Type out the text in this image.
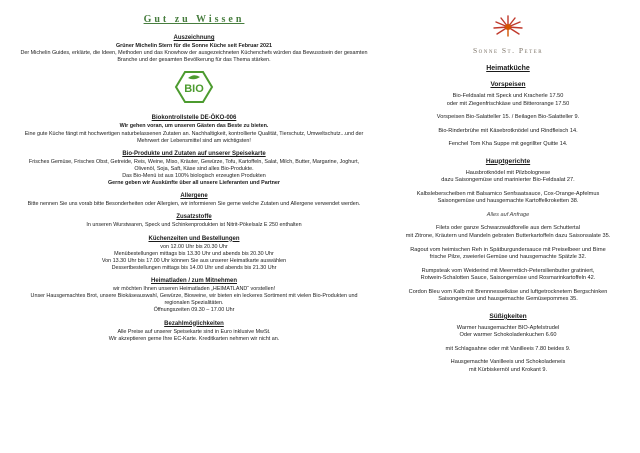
Gut zu Wissen
Auszeichnung
Grüner Michelin Stern für die Sonne Küche seit Februar 2021
Der Michelin Guides, erklärte, die Ideen, Methoden und das Knowhow der ausgezeichneten Küchenchefs würden das Bewusstsein der gesamten Branche und der gesamten Bevölkerung für das Thema stärken.
BIO
Biokontrollstelle DE-ÖKO-006
Wir gehen voran, um unseren Gästen das Beste zu bieten.
Eine gute Küche fängt mit hochwertigen naturbelassenen Zutaten an. Nachhaltigkeit, kontrollierte Qualität, Tierschutz, Umweltschutz...und der Mehrwert der Lebensmittel sind am wichtigsten!
Bio-Produkte und Zutaten auf unserer Speisekarte
Frisches Gemüse, Frisches Obst, Getreide, Reis, Weine, Miso, Kräuter, Gewürze, Tofu, Kartoffeln, Salat, Milch, Butter, Margarine, Joghurt, Olivenöl, Soja, Saft, Käse sind alles Bio-Produkte.
Das Bio-Menü ist aus 100% biologisch erzeugten Produkten
Gerne geben wir Auskünfte über all unsere Lieferanten und Partner
Allergene
Bitte nennen Sie uns vorab bitte Besonderheiten oder Allergien, wir informieren Sie gerne welche Zutaten und Allergene verwendet werden.
Zusatzstoffe
In unseren Wurstwaren, Speck und Schinkenprodukten ist Nitrit-Pökelsalz E 250 enthalten
Küchenzeiten und Bestellungen
von 12.00 Uhr bis 20.30 Uhr
Menübestellungen mittags bis 13.30 Uhr und abends bis 20.30 Uhr
Von 13.30 Uhr bis 17.00 Uhr können Sie aus unserer Heimatkarte auswählen
Dessertbestellungen mittags bis 14.00 Uhr und abends bis 21.30 Uhr
Heimatladen / zum Mitnehmen
wir möchten Ihnen unseren Heimatladen „HEIMATLAND“ vorstellen!
Unser Hausgemachtes Brot, unsere Biokäseauswahl, Gewürze, Bioweine, wir bieten ein leckeres Sortiment mit vielen Bio-Produkten und regionalen Spezialitäten.
Öffnungszeiten 09.30 – 17.00 Uhr
Bezahlmöglichkeiten
Alle Preise auf unserer Speisekarte sind in Euro inklusive MwSt.
Wir akzeptieren gerne Ihre EC-Karte. Kreditkarten nehmen wir nicht an.
Sonne St. Peter
Heimatküche
Vorspeisen
Bio-Feldsalat mit Speck und Kracherle 17.50
oder mit Ziegenfrischkäse und Bitterorange 17.50
Vorspeisen Bio-Salatteller 15. / Beilagen Bio-Salatteller 9.
Bio-Rinderbrühe mit Käsebrotknödel und Rindfleisch 14.
Fenchel Tom Kha Suppe mit gegrillter Quitte 14.
Hauptgerichte
Hausbrotknödel mit Pilzbolognese
dazu Saisongemüse und marinierter Bio-Feldsalat 27.
Kalbsleberscheiben mit Balsamico Senfsaatsauce, Cox-Orange-Apfelmus
Saisongemüse und hausgemachte Kartoffelkroketten 38.
Alles auf Anfrage
Filets oder ganze Schwarzwaldforelle aus dem Schuttertal
mit Zitrone, Kräutern und Mandeln gebraten Butterkartoffeln dazu Saisonsalate 35.
Ragout vom heimischen Reh in Spätburgundersauce mit Preiselbeer und Birne
frische Pilze, zweierlei Gemüse und hausgemachte Spätzle 32.
Rumpsteak vom Weiderind mit Meerrettich-Petersilienbutter gratiniert,
Rotwein-Schalotten Sauce, Saisongemüse und Rosmarinkartoffeln 42.
Cordon Bleu vom Kalb mit Brennnesselkäse und luftgetrocknetem Bergschinken
Saisongemüse und hausgemachte Gemüsepommes 35.
Süßigkeiten
Warmer hausgemachter BIO-Apfelstrudel
Oder warmer Schokoladenkuchen 6.60
mit Schlagsahne oder mit Vanilleeis 7.80 beides 9.
Hausgemachte Vanilleeis und Schokoladeneis
mit Kürbiskernöl und Krokant 9.
